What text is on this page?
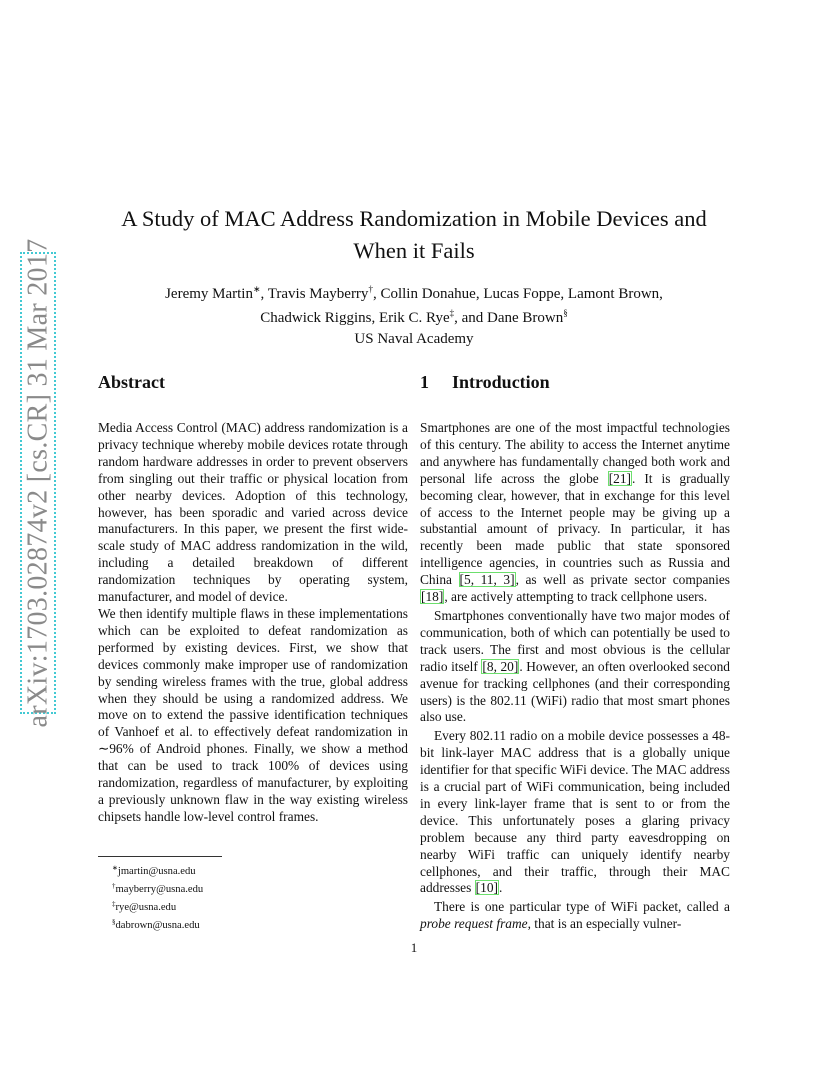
arXiv:1703.02874v2 [cs.CR] 31 Mar 2017
A Study of MAC Address Randomization in Mobile Devices and When it Fails
Jeremy Martin∗, Travis Mayberry†, Collin Donahue, Lucas Foppe, Lamont Brown,
Chadwick Riggins, Erik C. Rye‡, and Dane Brown§
US Naval Academy
Abstract

Media Access Control (MAC) address randomization is a privacy technique whereby mobile devices rotate through random hardware addresses in order to prevent observers from singling out their traffic or physical location from other nearby devices. Adoption of this technology, however, has been sporadic and varied across device manufacturers. In this paper, we present the first wide-scale study of MAC address randomization in the wild, including a detailed breakdown of different randomization techniques by operating system, manufacturer, and model of device.

We then identify multiple flaws in these implementations which can be exploited to defeat randomization as performed by existing devices. First, we show that devices commonly make improper use of randomization by sending wireless frames with the true, global address when they should be using a randomized address. We move on to extend the passive identification techniques of Vanhoef et al. to effectively defeat randomization in ∼96% of Android phones. Finally, we show a method that can be used to track 100% of devices using randomization, regardless of manufacturer, by exploiting a previously unknown flaw in the way existing wireless chipsets handle low-level control frames.

1 Introduction

Smartphones are one of the most impactful technologies of this century. The ability to access the Internet anytime and anywhere has fundamentally changed both work and personal life across the globe [21]. It is gradually becoming clear, however, that in exchange for this level of access to the Internet people may be giving up a substantial amount of privacy. In particular, it has recently been made public that state sponsored intelligence agencies, in countries such as Russia and China [5, 11, 3], as well as private sector companies [18], are actively attempting to track cellphone users.

Smartphones conventionally have two major modes of communication, both of which can potentially be used to track users. The first and most obvious is the cellular radio itself [8, 20]. However, an often overlooked second avenue for tracking cellphones (and their corresponding users) is the 802.11 (WiFi) radio that most smart phones also use.

Every 802.11 radio on a mobile device possesses a 48-bit link-layer MAC address that is a globally unique identifier for that specific WiFi device. The MAC address is a crucial part of WiFi communication, being included in every link-layer frame that is sent to or from the device. This unfortunately poses a glaring privacy problem because any third party eavesdropping on nearby WiFi traffic can uniquely identify nearby cellphones, and their traffic, through their MAC addresses [10].

There is one particular type of WiFi packet, called a probe request frame, that is an especially vulner-

∗jmartin@usna.edu
†mayberry@usna.edu
‡rye@usna.edu
§dabrown@usna.edu
1
